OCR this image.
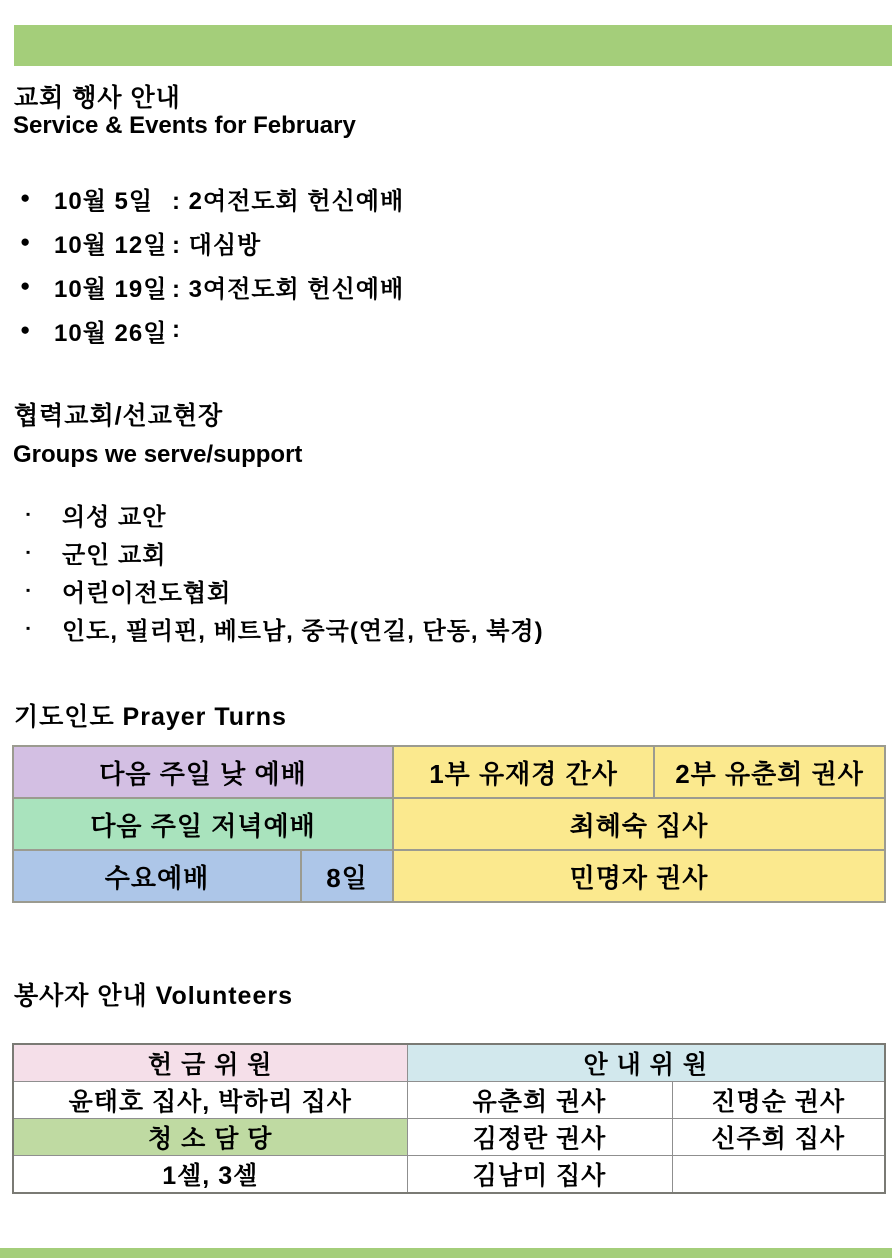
교회 행사 안내
Service & Events for February
● 10월 5일 : 2여전도회 헌신예배
● 10월 12일 : 대심방
● 10월 19일 : 3여전도회 헌신예배
● 10월 26일 :
협력교회/선교현장
Groups we serve/support
▪	의성 교안
▪	군인 교회
▪	어린이전도협회
▪	인도, 필리핀, 베트남, 중국(연길, 단동, 북경)
기도인도 Prayer Turns
다음 주일 낮 예배		1부 유재경 간사	2부 유춘희 권사
다음 주일 저녁예배		최혜숙 집사	
수요예배	8일	민명자 권사	
봉사자 안내 Volunteers
헌 금 위 원	안 내 위 원	
윤태호 집사, 박하리 집사	유춘희 권사	진명순 권사
청 소 담 당	김정란 권사	신주희 집사
1셀, 3셀	김남미 집사	
